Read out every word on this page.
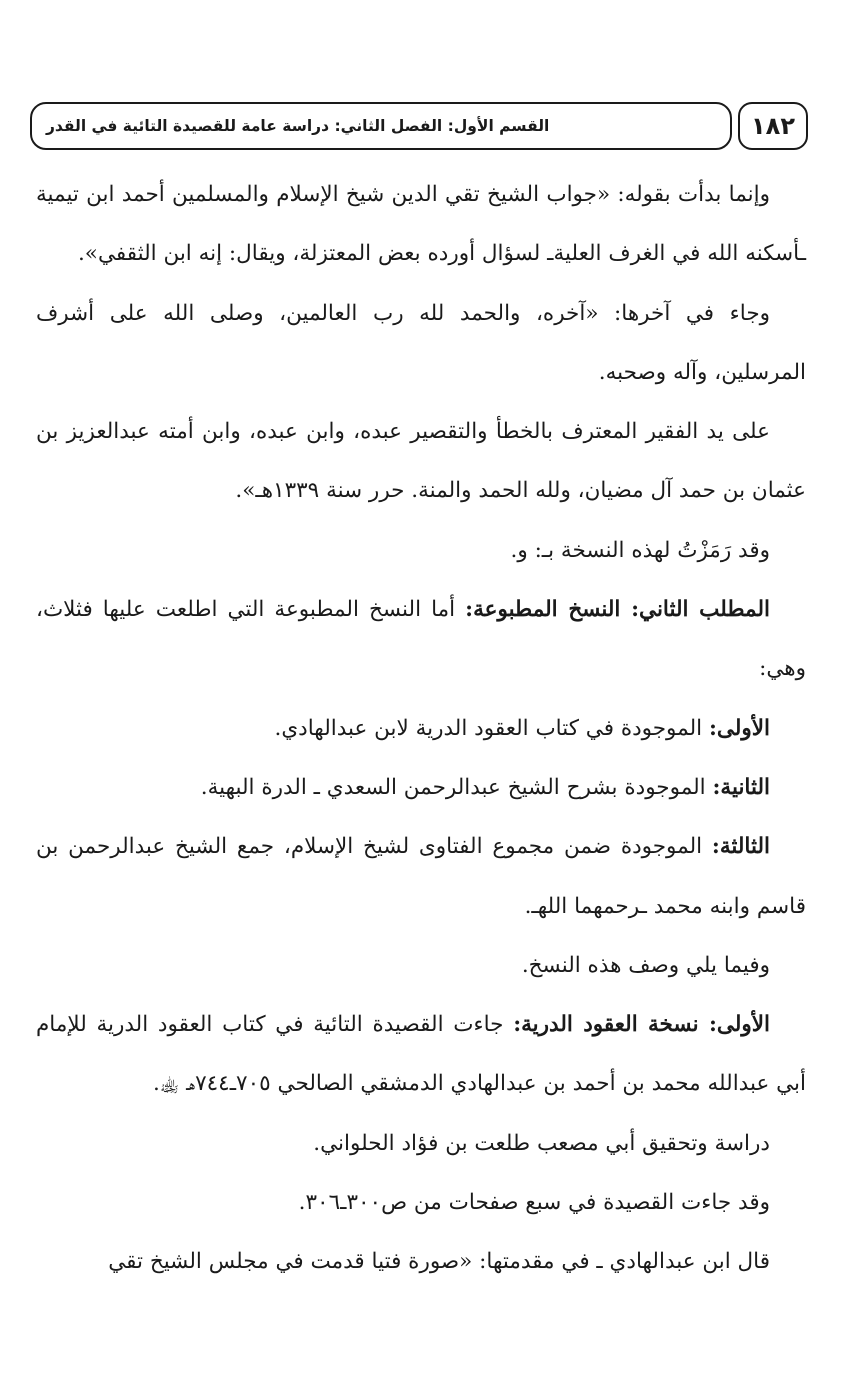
١٨٢
القسم الأول: الفصل الثاني: دراسة عامة للقصيدة التائية في القدر

وإنما بدأت بقوله: «جواب الشيخ تقي الدين شيخ الإسلام والمسلمين أحمد ابن تيمية ـأسكنه الله في الغرف العليةـ لسؤال أورده بعض المعتزلة، ويقال: إنه ابن الثقفي».

وجاء في آخرها: «آخره، والحمد لله رب العالمين، وصلى الله على أشرف المرسلين، وآله وصحبه.

على يد الفقير المعترف بالخطأ والتقصير عبده، وابن عبده، وابن أمته عبدالعزيز بن عثمان بن حمد آل مضيان، ولله الحمد والمنة. حرر سنة ١٣٣٩هـ».

وقد رَمَزْتُ لهذه النسخة بـ: و.

المطلب الثاني: النسخ المطبوعة: أما النسخ المطبوعة التي اطلعت عليها فثلاث، وهي:

الأولى: الموجودة في كتاب العقود الدرية لابن عبدالهادي.

الثانية: الموجودة بشرح الشيخ عبدالرحمن السعدي ـ الدرة البهية.

الثالثة: الموجودة ضمن مجموع الفتاوى لشيخ الإسلام، جمع الشيخ عبدالرحمن بن قاسم وابنه محمد ـرحمهما اللهـ.

وفيما يلي وصف هذه النسخ.

الأولى: نسخة العقود الدرية: جاءت القصيدة التائية في كتاب العقود الدرية للإمام أبي عبدالله محمد بن أحمد بن عبدالهادي الدمشقي الصالحي ٧٠٥ـ٧٤٤هـ ﵀.

دراسة وتحقيق أبي مصعب طلعت بن فؤاد الحلواني.

وقد جاءت القصيدة في سبع صفحات من ص٣٠٠ـ٣٠٦.

قال ابن عبدالهادي ـ في مقدمتها: «صورة فتيا قدمت في مجلس الشيخ تقي
